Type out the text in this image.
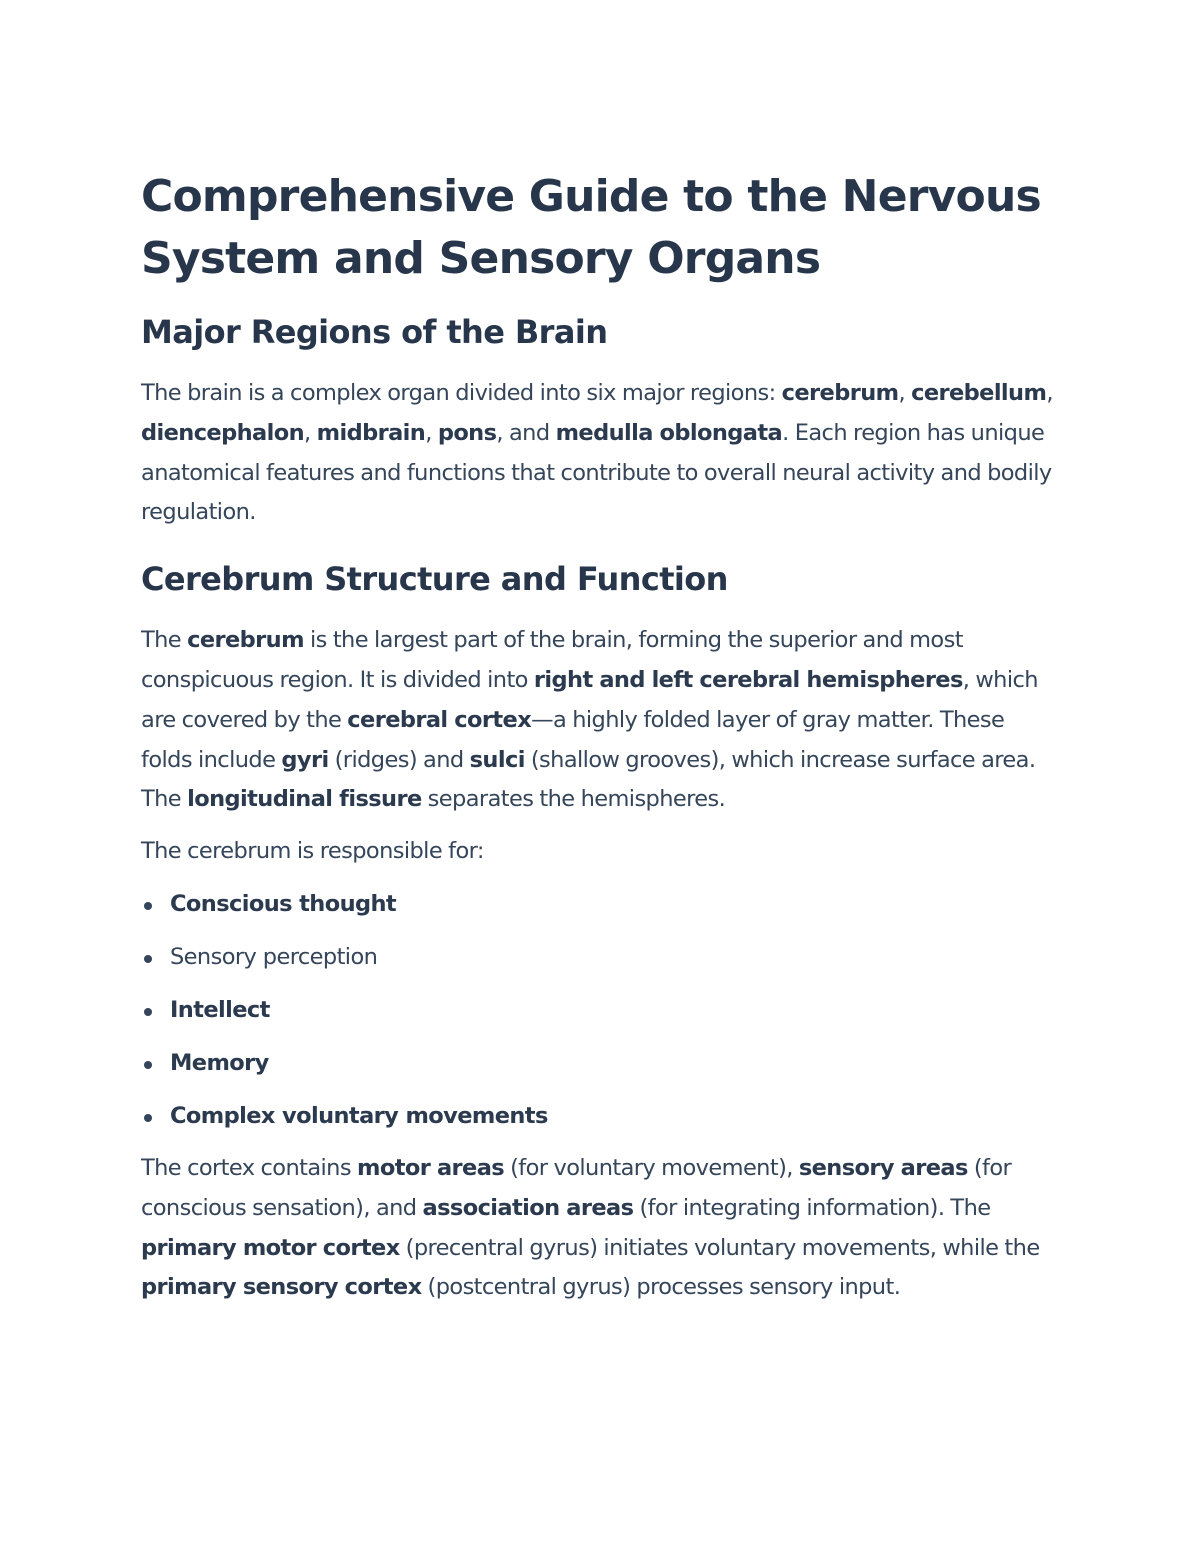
Comprehensive Guide to the Nervous System and Sensory Organs
Major Regions of the Brain

The brain is a complex organ divided into six major regions: cerebrum, cerebellum, diencephalon, midbrain, pons, and medulla oblongata. Each region has unique anatomical features and functions that contribute to overall neural activity and bodily regulation.

Cerebrum Structure and Function

The cerebrum is the largest part of the brain, forming the superior and most conspicuous region. It is divided into right and left cerebral hemispheres, which are covered by the cerebral cortex—a highly folded layer of gray matter. These folds include gyri (ridges) and sulci (shallow grooves), which increase surface area. The longitudinal fissure separates the hemispheres.

The cerebrum is responsible for:

Conscious thought
Sensory perception
Intellect
Memory
Complex voluntary movements

The cortex contains motor areas (for voluntary movement), sensory areas (for conscious sensation), and association areas (for integrating information). The primary motor cortex (precentral gyrus) initiates voluntary movements, while the primary sensory cortex (postcentral gyrus) processes sensory input.
